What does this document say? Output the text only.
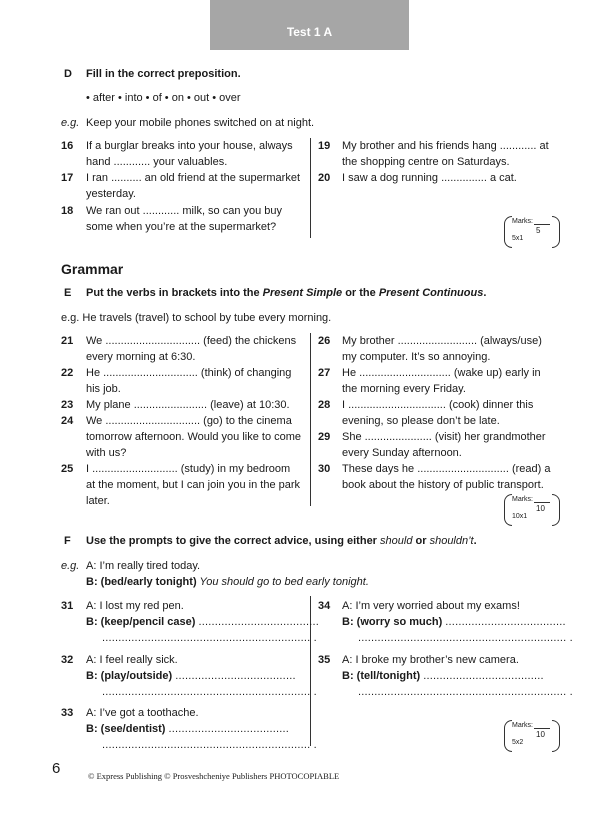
Test 1 A
D Fill in the correct preposition.
• after • into • of • on • out • over
e.g. Keep your mobile phones switched on at night.
16 If a burglar breaks into your house, always
hand ............ your valuables.
17 I ran .......... an old friend at the supermarket
yesterday.
18 We ran out ............ milk, so can you buy
some when you’re at the supermarket?
19 My brother and his friends hang ............ at
the shopping centre on Saturdays.
20 I saw a dog running ............... a cat.
Marks:
5
5x1
Grammar
E Put the verbs in brackets into the Present Simple or the Present Continuous.
e.g. He travels (travel) to school by tube every morning.
21 We ............................... (feed) the chickens
every morning at 6:30.
22 He ............................... (think) of changing
his job.
23 My plane ........................ (leave) at 10:30.
24 We ............................... (go) to the cinema
tomorrow afternoon. Would you like to come
with us?
25 I ............................ (study) in my bedroom
at the moment, but I can join you in the park
later.
26 My brother .......................... (always/use)
my computer. It’s so annoying.
27 He .............................. (wake up) early in
the morning every Friday.
28 I ................................ (cook) dinner this
evening, so please don’t be late.
29 She ...................... (visit) her grandmother
every Sunday afternoon.
30 These days he .............................. (read) a
book about the history of public transport.
Marks:
10
10x1
F Use the prompts to give the correct advice, using either should or shouldn’t.
e.g. A: I’m really tired today.
B: (bed/early tonight) You should go to bed early tonight.
31 A: I lost my red pen.
B: (keep/pencil case) .....................................
................................................................ .
32 A: I feel really sick.
B: (play/outside) .....................................
................................................................ .
33 A: I’ve got a toothache.
B: (see/dentist) .....................................
................................................................ .
34 A: I’m very worried about my exams!
B: (worry so much) .....................................
................................................................ .
35 A: I broke my brother’s new camera.
B: (tell/tonight) .....................................
................................................................ .
Marks:
10
5x2
6	© Express Publishing © Prosveshcheniye Publishers PHOTOCOPIABLE
